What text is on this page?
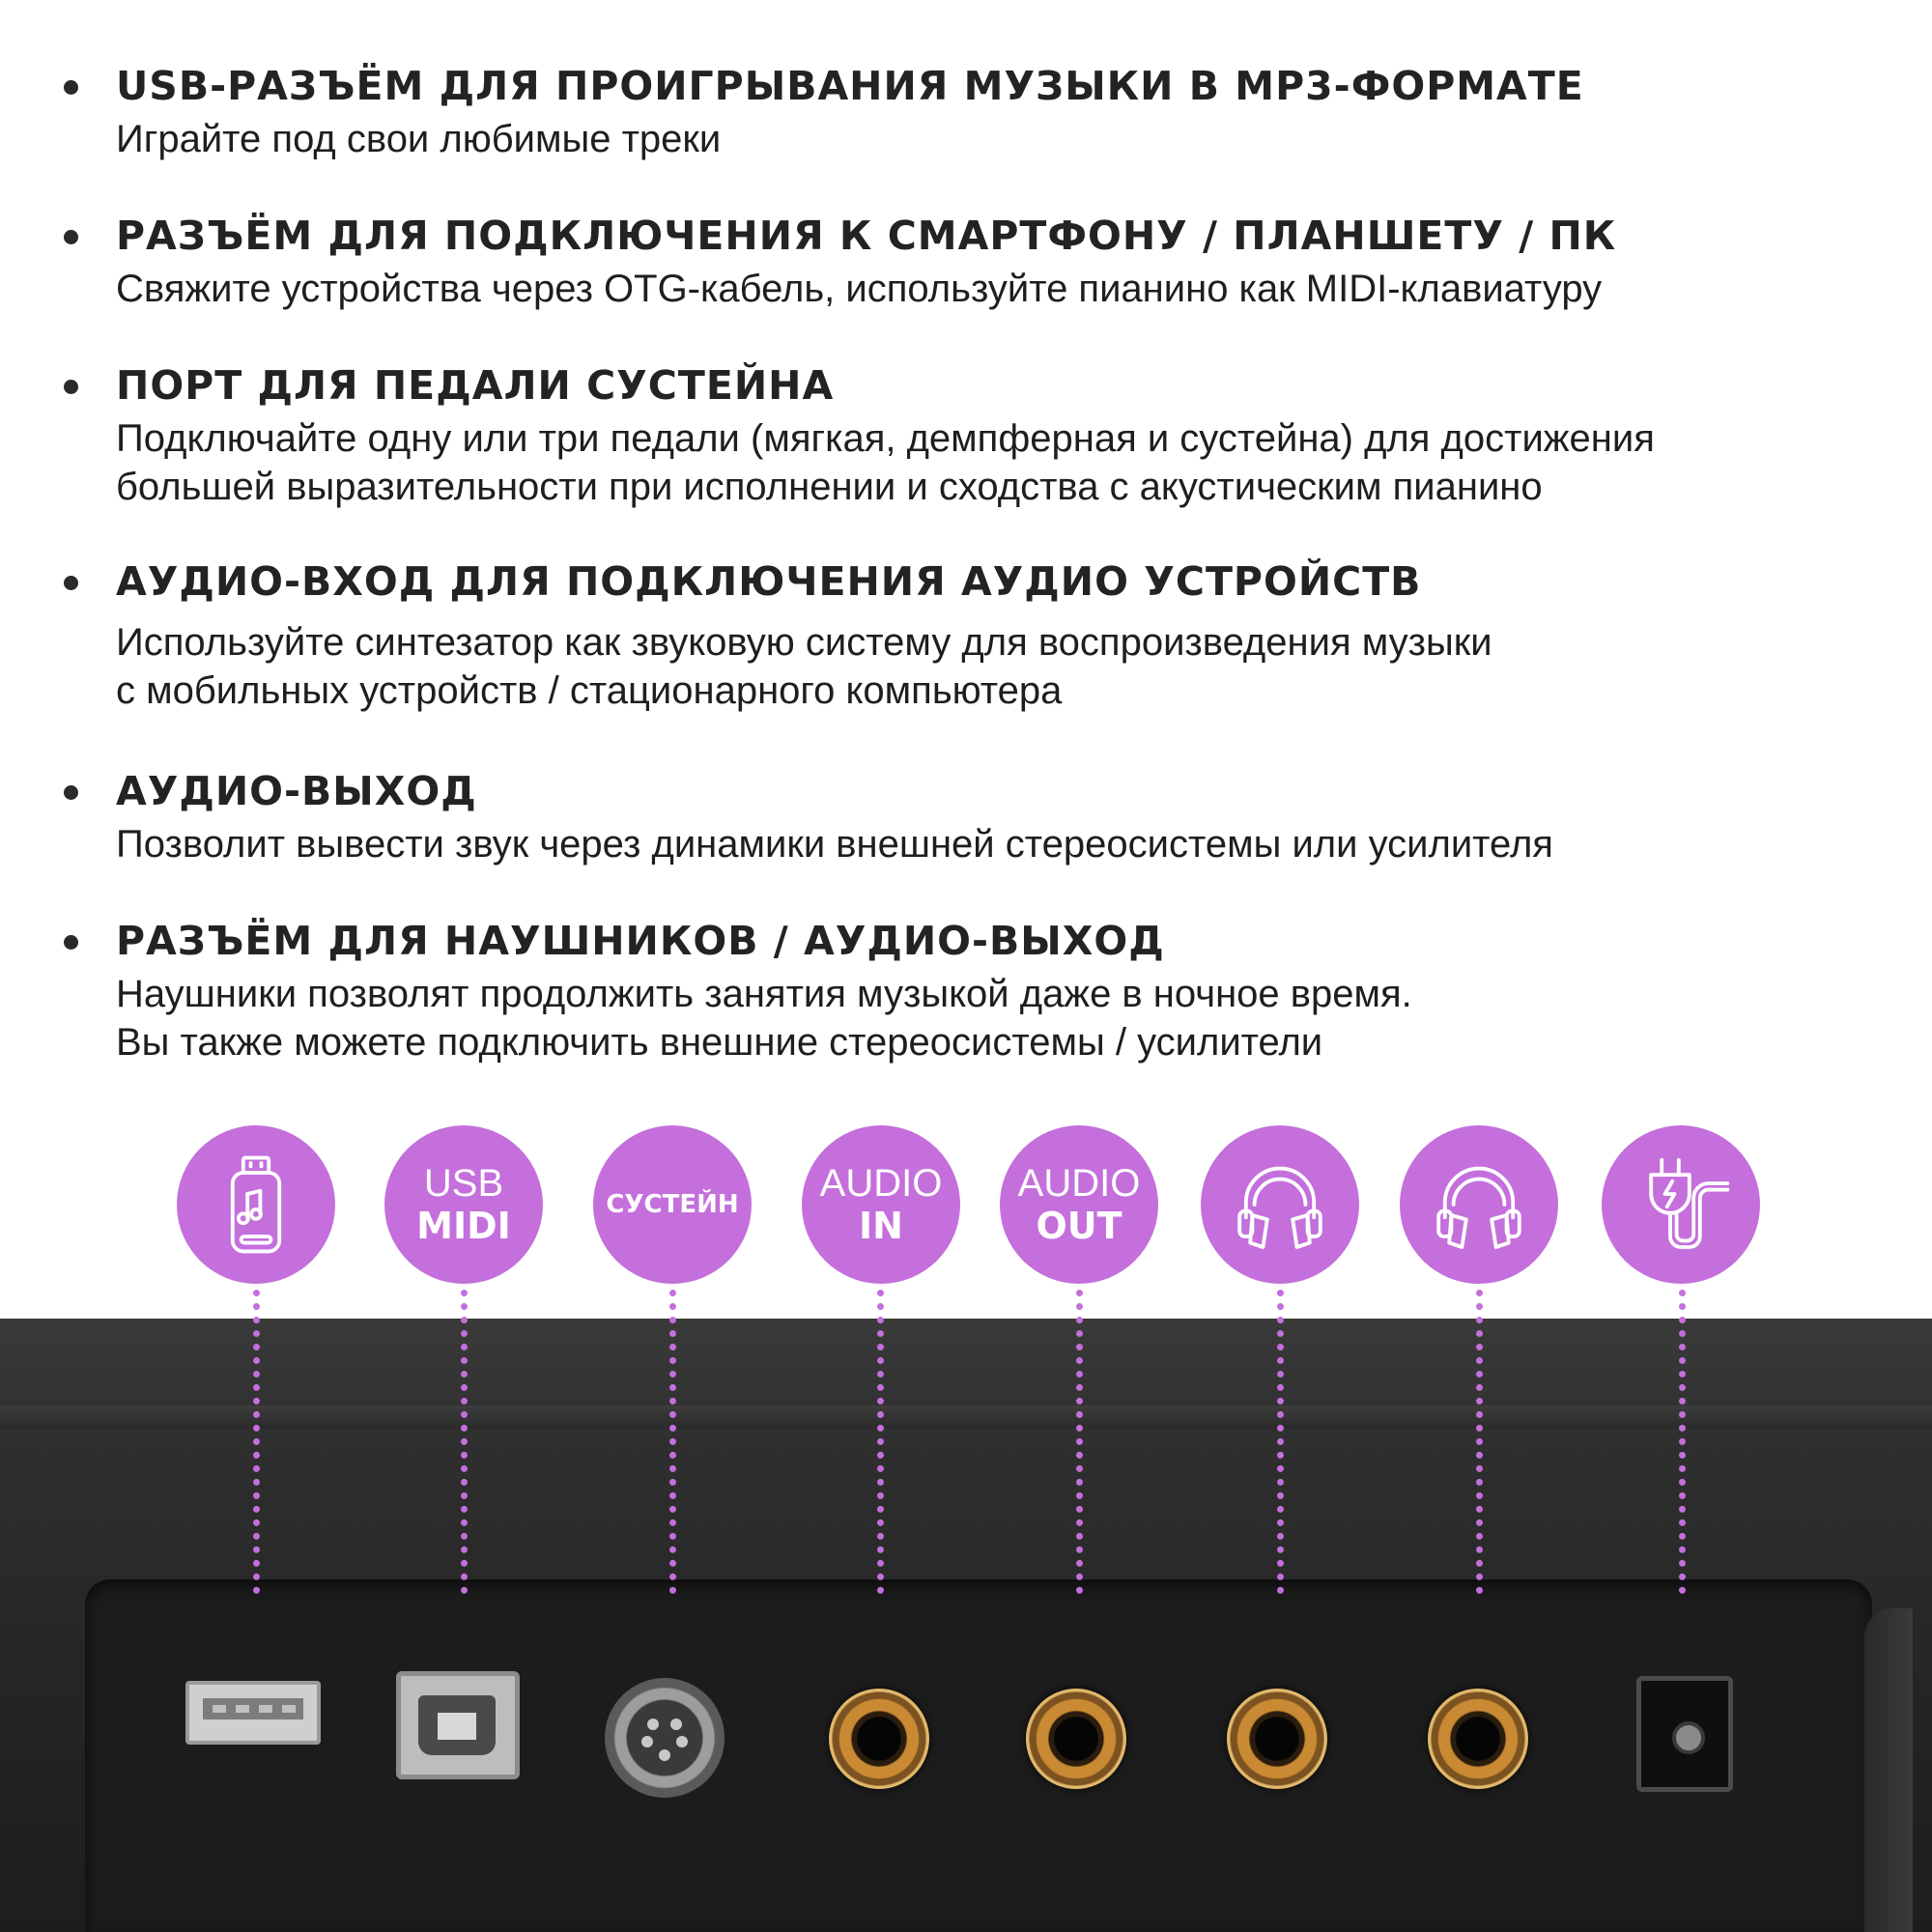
USB-РАЗЪЁМ ДЛЯ ПРОИГРЫВАНИЯ МУЗЫКИ В MP3-ФОРМАТЕ
Играйте под свои любимые треки
РАЗЪЁМ ДЛЯ ПОДКЛЮЧЕНИЯ К СМАРТФОНУ / ПЛАНШЕТУ / ПК
Свяжите устройства через OTG-кабель, используйте пианино как MIDI-клавиатуру
ПОРТ ДЛЯ ПЕДАЛИ СУСТЕЙНА
Подключайте одну или три педали (мягкая, демпферная и сустейна) для достижения
большей выразительности при исполнении и сходства с акустическим пианино
АУДИО-ВХОД ДЛЯ ПОДКЛЮЧЕНИЯ АУДИО УСТРОЙСТВ
Используйте синтезатор как звуковую систему для воспроизведения музыки
с мобильных устройств / стационарного компьютера
АУДИО-ВЫХОД
Позволит вывести звук через динамики внешней стереосистемы или усилителя
РАЗЪЁМ ДЛЯ НАУШНИКОВ / АУДИО-ВЫХОД
Наушники позволят продолжить занятия музыкой даже в ночное время.
Вы также можете подключить внешние стереосистемы / усилители
USB
MIDI	СУСТЕЙН AUDIO
IN
AUDIO
OUT
